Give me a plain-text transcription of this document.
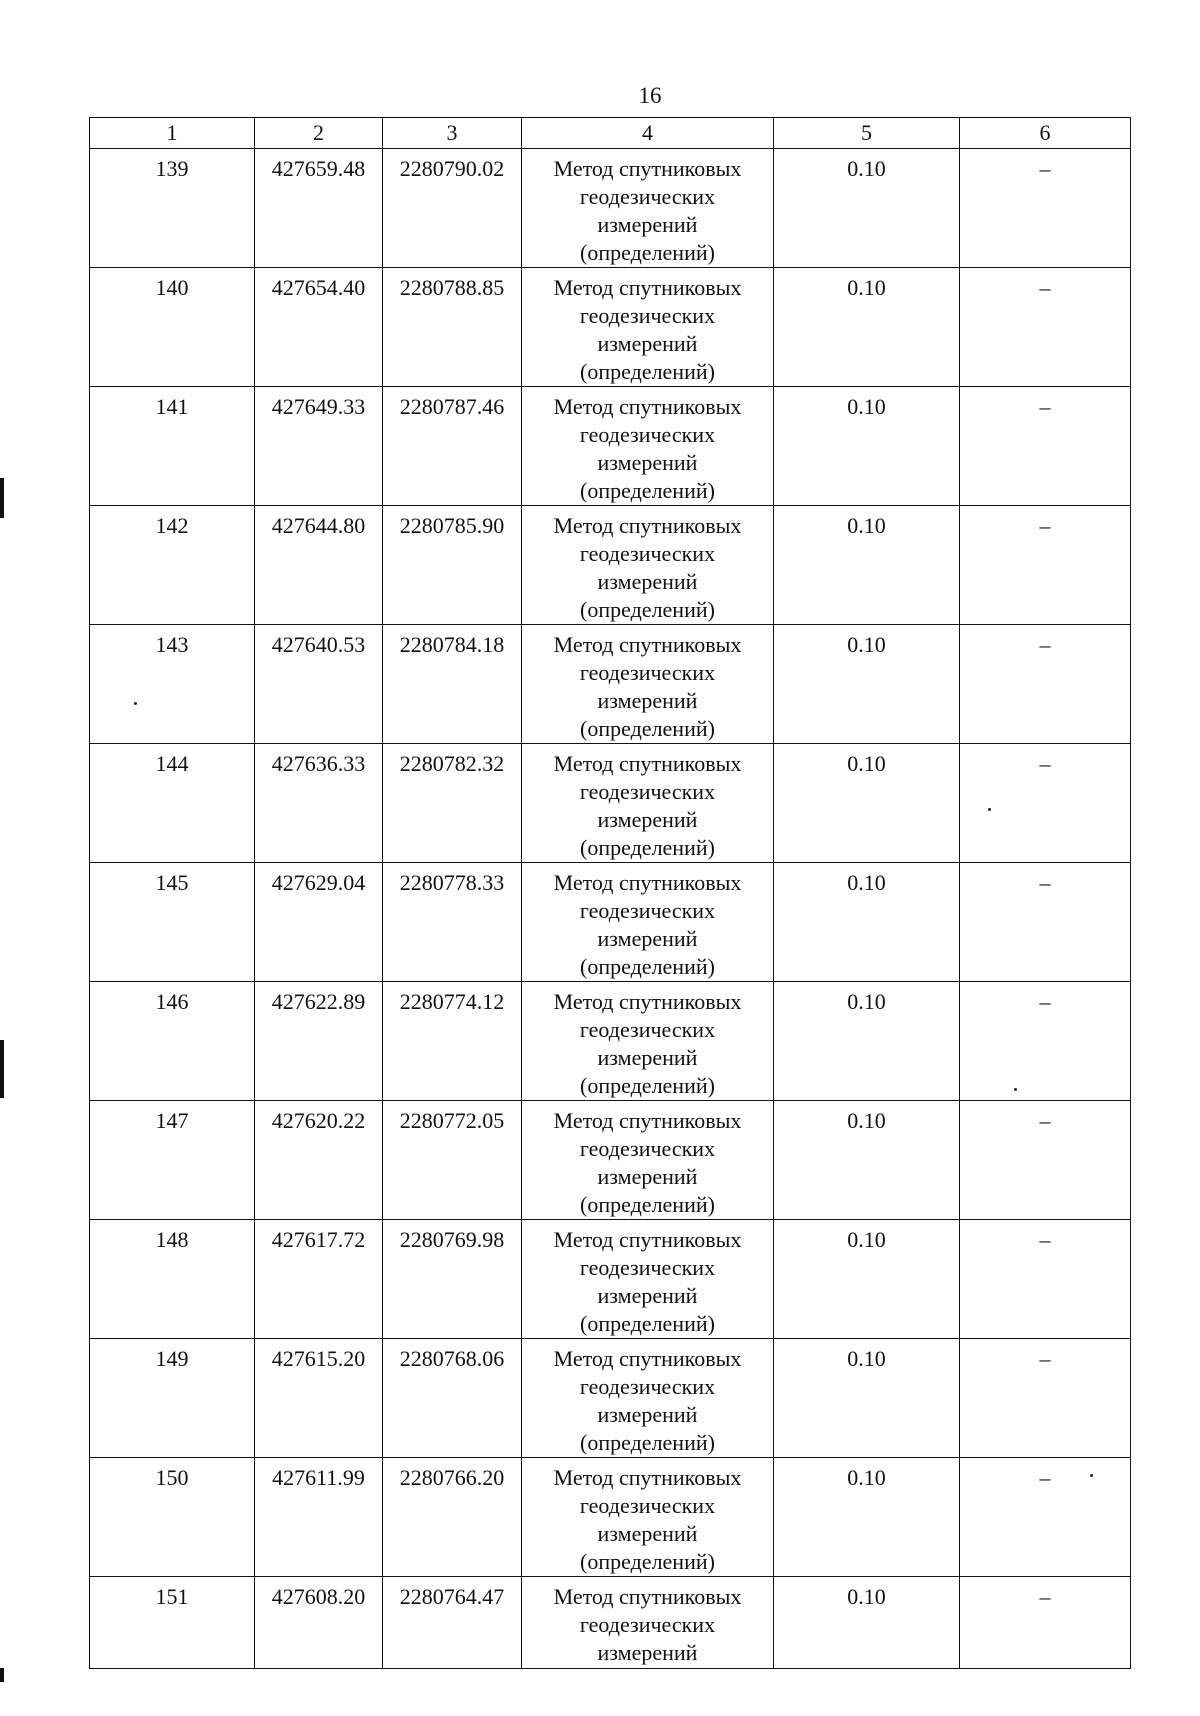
16
1	2	3	4	5	6

139	427659.48	2280790.02	Метод спутниковых
геодезических
измерений
(определений)	0.10	–

140	427654.40	2280788.85	Метод спутниковых
геодезических
измерений
(определений)	0.10	–

141	427649.33	2280787.46	Метод спутниковых
геодезических
измерений
(определений)	0.10	–

142	427644.80	2280785.90	Метод спутниковых
геодезических
измерений
(определений)	0.10	–

143	427640.53	2280784.18	Метод спутниковых
геодезических
измерений
(определений)	0.10	–

144	427636.33	2280782.32	Метод спутниковых
геодезических
измерений
(определений)	0.10	–

145	427629.04	2280778.33	Метод спутниковых
геодезических
измерений
(определений)	0.10	–

146	427622.89	2280774.12	Метод спутниковых
геодезических
измерений
(определений)	0.10	–

147	427620.22	2280772.05	Метод спутниковых
геодезических
измерений
(определений)	0.10	–

148	427617.72	2280769.98	Метод спутниковых
геодезических
измерений
(определений)	0.10	–

149	427615.20	2280768.06	Метод спутниковых
геодезических
измерений
(определений)	0.10	–

150	427611.99	2280766.20	Метод спутниковых
геодезических
измерений
(определений)	0.10	–

151	427608.20	2280764.47	Метод спутниковых
геодезических
измерений	0.10	–
